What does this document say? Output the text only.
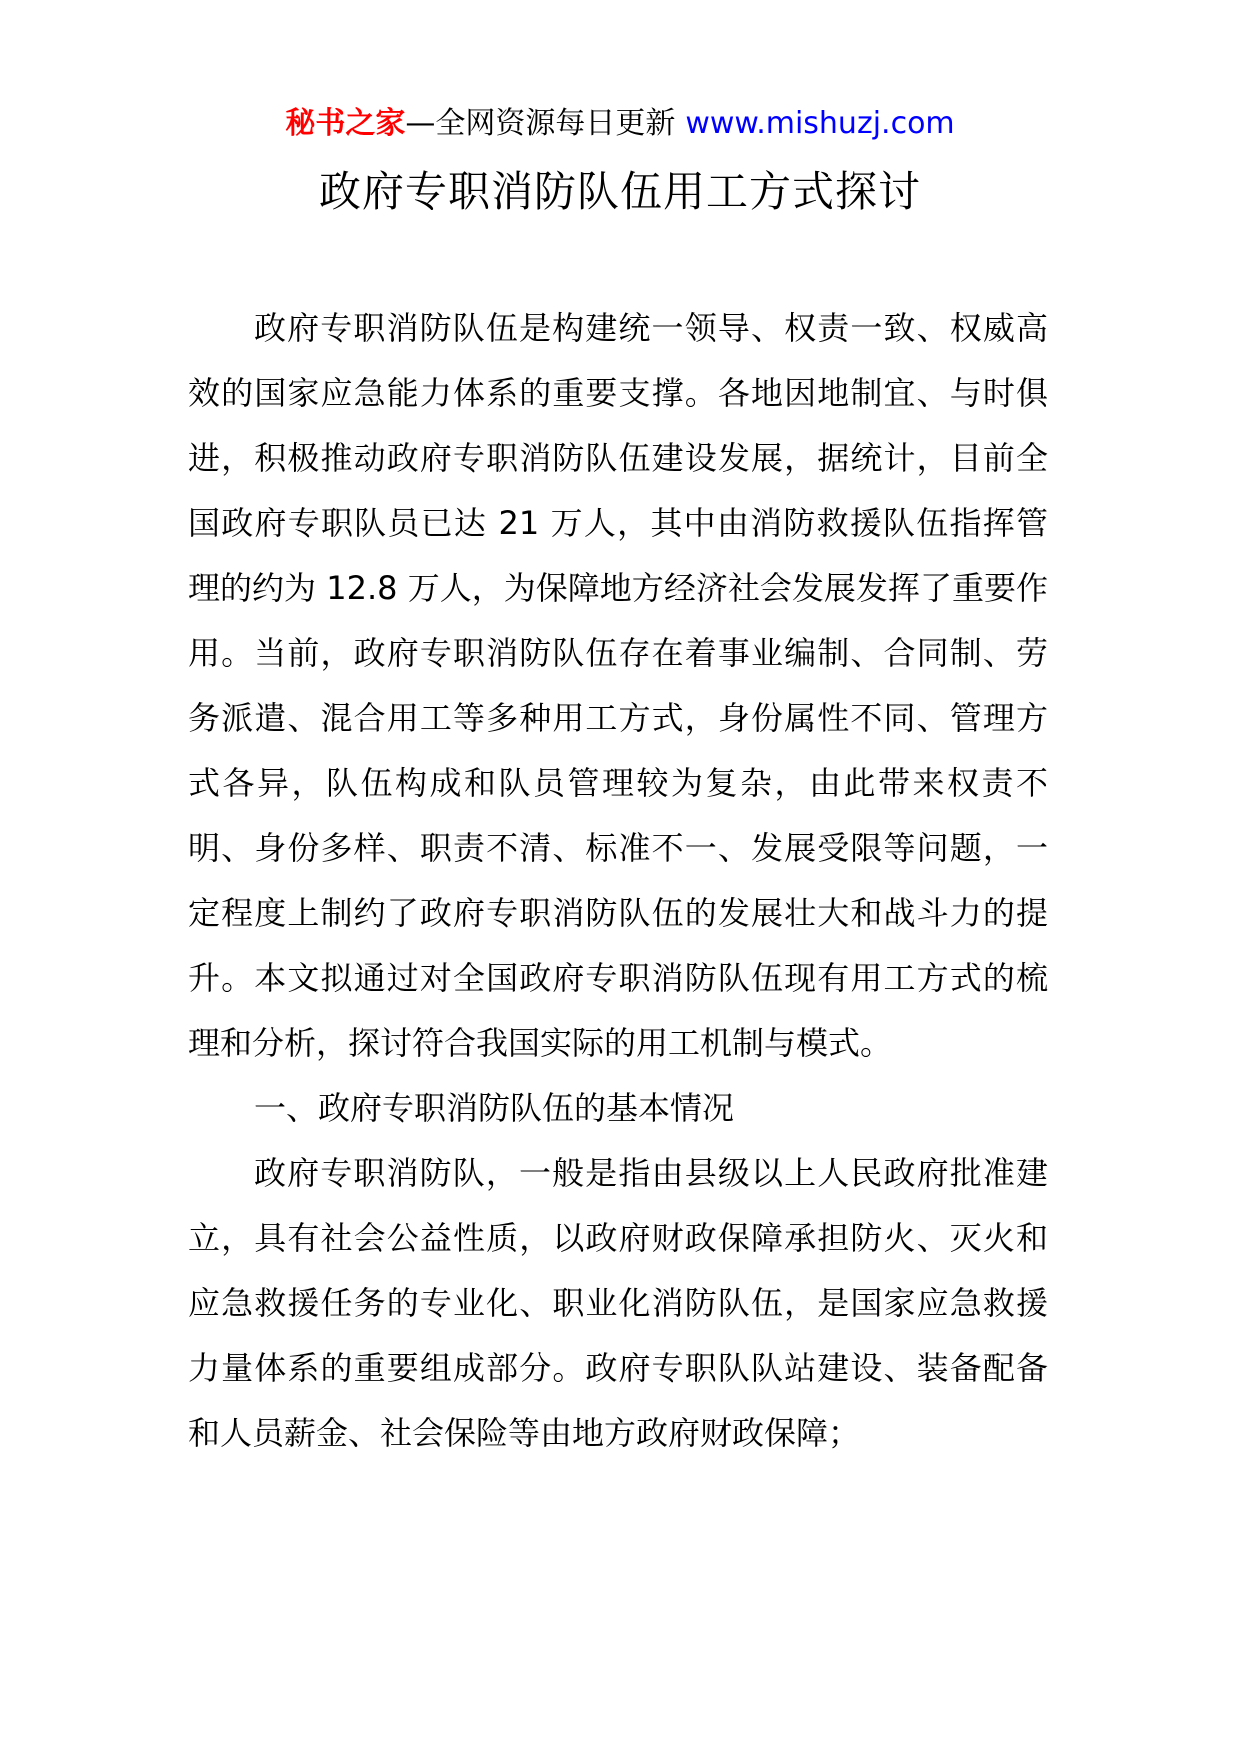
秘书之家—全网资源每日更新 www.mishuzj.com
政府专职消防队伍用工方式探讨

政府专职消防队伍是构建统一领导、权责一致、权威高效的国家应急能力体系的重要支撑。各地因地制宜、与时俱进，积极推动政府专职消防队伍建设发展，据统计，目前全国政府专职队员已达 21 万人，其中由消防救援队伍指挥管理的约为 12.8 万人，为保障地方经济社会发展发挥了重要作用。当前，政府专职消防队伍存在着事业编制、合同制、劳务派遣、混合用工等多种用工方式，身份属性不同、管理方式各异，队伍构成和队员管理较为复杂，由此带来权责不明、身份多样、职责不清、标准不一、发展受限等问题，一定程度上制约了政府专职消防队伍的发展壮大和战斗力的提升。本文拟通过对全国政府专职消防队伍现有用工方式的梳理和分析，探讨符合我国实际的用工机制与模式。

一、政府专职消防队伍的基本情况

政府专职消防队，一般是指由县级以上人民政府批准建立，具有社会公益性质，以政府财政保障承担防火、灭火和应急救援任务的专业化、职业化消防队伍，是国家应急救援力量体系的重要组成部分。政府专职队队站建设、装备配备和人员薪金、社会保险等由地方政府财政保障；
